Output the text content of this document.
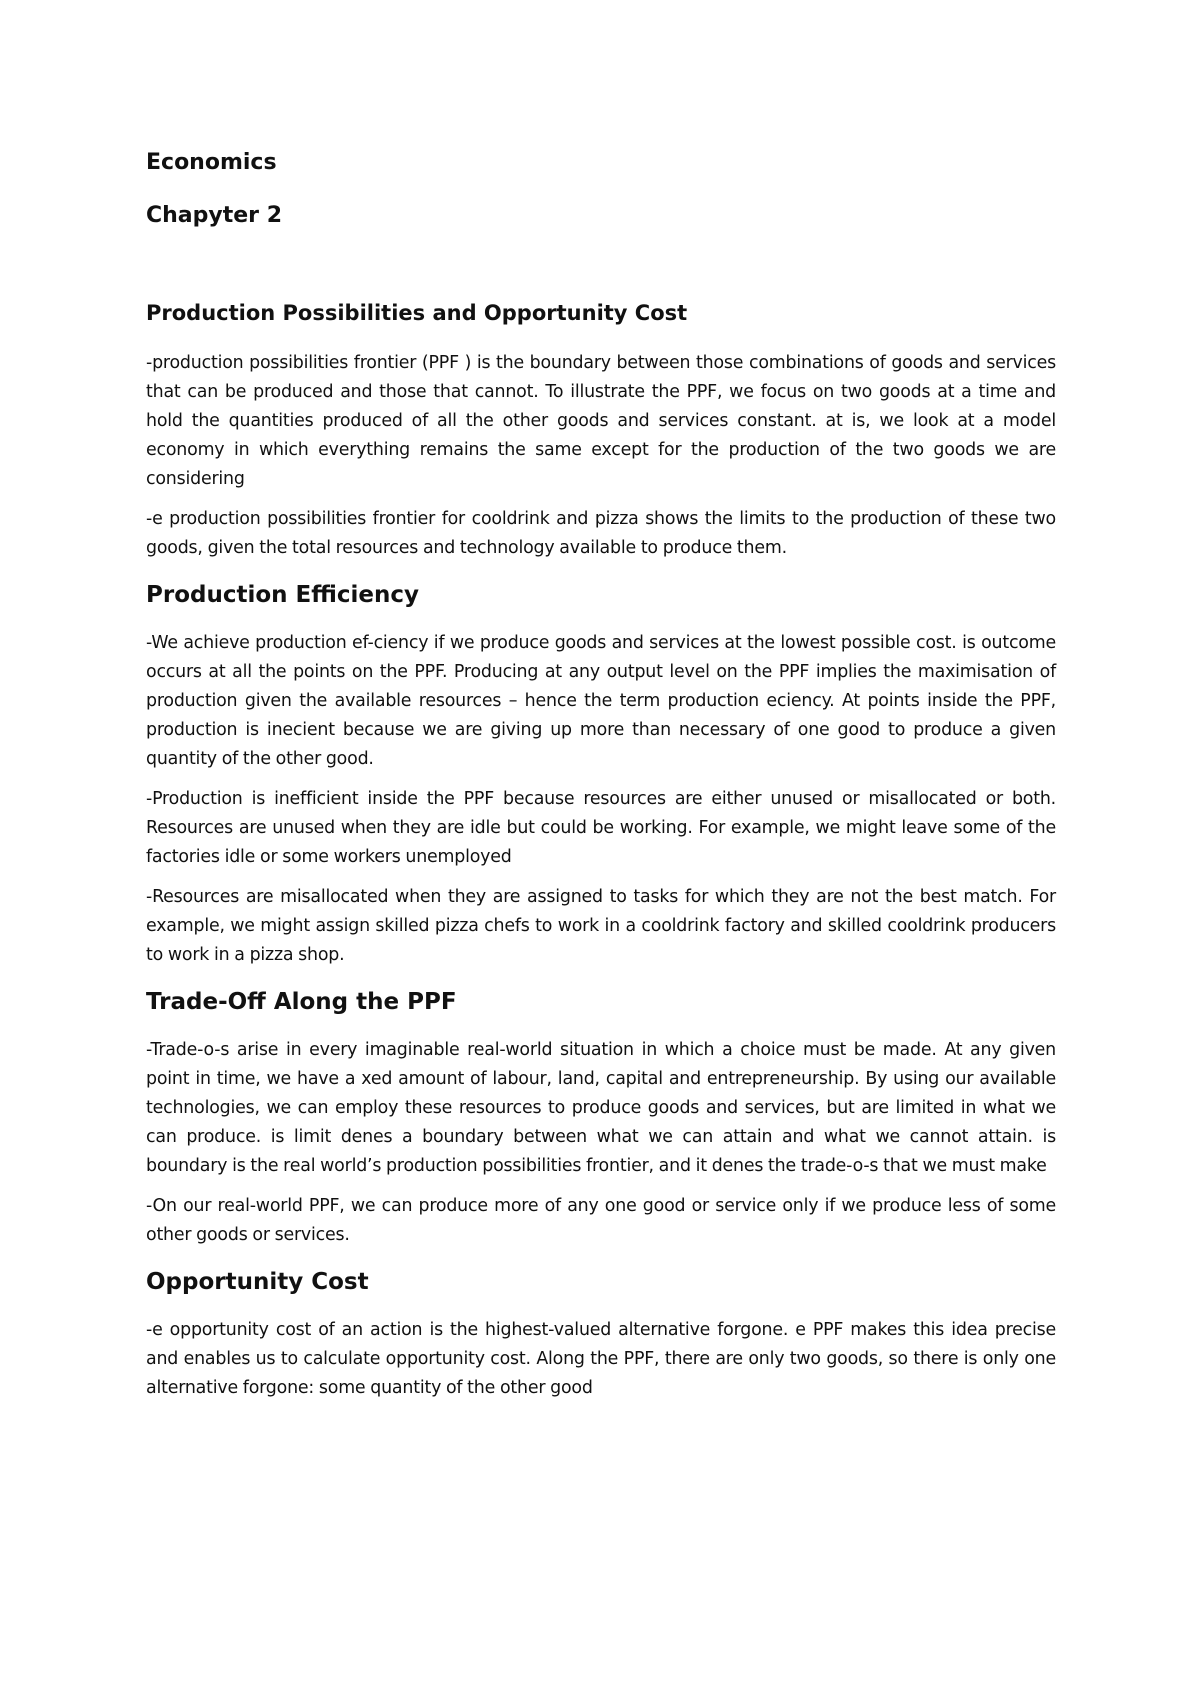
Economics
Chapyter 2
Production Possibilities and Opportunity Cost

-production possibilities frontier (PPF ) is the boundary between those combinations of goods and services that can be produced and those that cannot. To illustrate the PPF, we focus on two goods at a time and hold the quantities produced of all the other goods and services constant. at is, we look at a model economy in which everything remains the same except for the production of the two goods we are considering

-e production possibilities frontier for cooldrink and pizza shows the limits to the production of these two goods, given the total resources and technology available to produce them.

Production Efficiency

-We achieve production ef-ciency if we produce goods and services at the lowest possible cost. is outcome occurs at all the points on the PPF. Producing at any output level on the PPF implies the maximisation of production given the available resources – hence the term production eciency. At points inside the PPF, production is inecient because we are giving up more than necessary of one good to produce a given quantity of the other good.

-Production is inefficient inside the PPF because resources are either unused or misallocated or both. Resources are unused when they are idle but could be working. For example, we might leave some of the factories idle or some workers unemployed

-Resources are misallocated when they are assigned to tasks for which they are not the best match. For example, we might assign skilled pizza chefs to work in a cooldrink factory and skilled cooldrink producers to work in a pizza shop.

Trade-Off Along the PPF

-Trade-o-s arise in every imaginable real-world situation in which a choice must be made. At any given point in time, we have a xed amount of labour, land, capital and entrepreneurship. By using our available technologies, we can employ these resources to produce goods and services, but are limited in what we can produce. is limit denes a boundary between what we can attain and what we cannot attain. is boundary is the real world’s production possibilities frontier, and it denes the trade-o-s that we must make

-On our real-world PPF, we can produce more of any one good or service only if we produce less of some other goods or services.

Opportunity Cost

-e opportunity cost of an action is the highest-valued alternative forgone. e PPF makes this idea precise and enables us to calculate opportunity cost. Along the PPF, there are only two goods, so there is only one alternative forgone: some quantity of the other good
